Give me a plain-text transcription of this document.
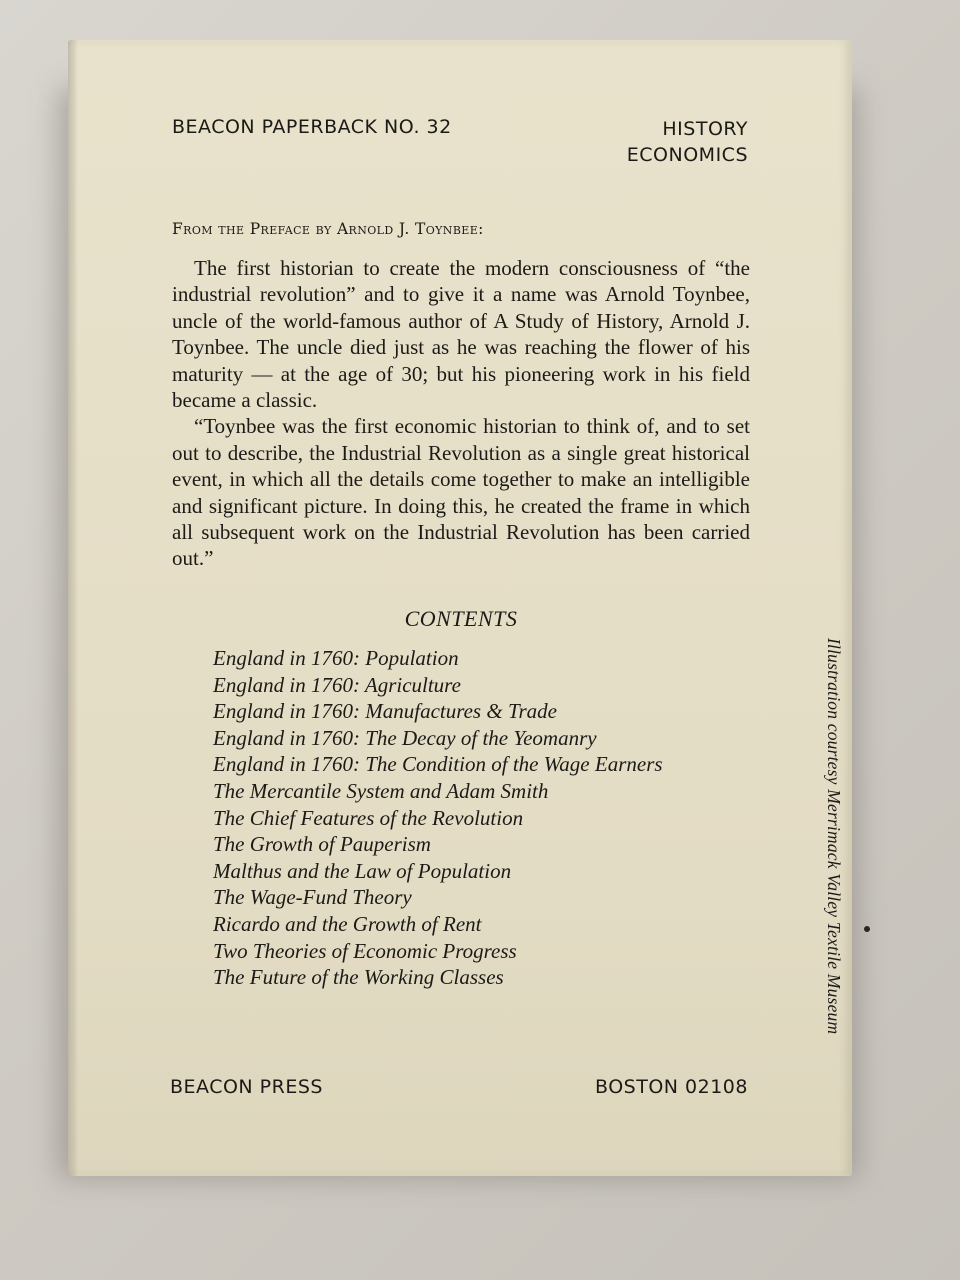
BEACON PAPERBACK NO. 32	HISTORY
ECONOMICS
From the Preface by Arnold J. Toynbee:

The first historian to create the modern consciousness of “the industrial revolution” and to give it a name was Arnold Toynbee, uncle of the world-famous author of A Study of History, Arnold J. Toynbee. The uncle died just as he was reaching the flower of his maturity — at the age of 30; but his pioneering work in his field became a classic.

“Toynbee was the first economic historian to think of, and to set out to describe, the Industrial Revolution as a single great historical event, in which all the details come together to make an intelligible and significant picture. In doing this, he created the frame in which all subsequent work on the Industrial Revolution has been carried out.”

CONTENTS
England in 1760: Population
England in 1760: Agriculture
England in 1760: Manufactures & Trade
England in 1760: The Decay of the Yeomanry
England in 1760: The Condition of the Wage Earners
The Mercantile System and Adam Smith
The Chief Features of the Revolution
The Growth of Pauperism
Malthus and the Law of Population
The Wage-Fund Theory
Ricardo and the Growth of Rent
Two Theories of Economic Progress
The Future of the Working Classes
BEACON PRESS	BOSTON 02108
Illustration courtesy Merrimack Valley Textile Museum
